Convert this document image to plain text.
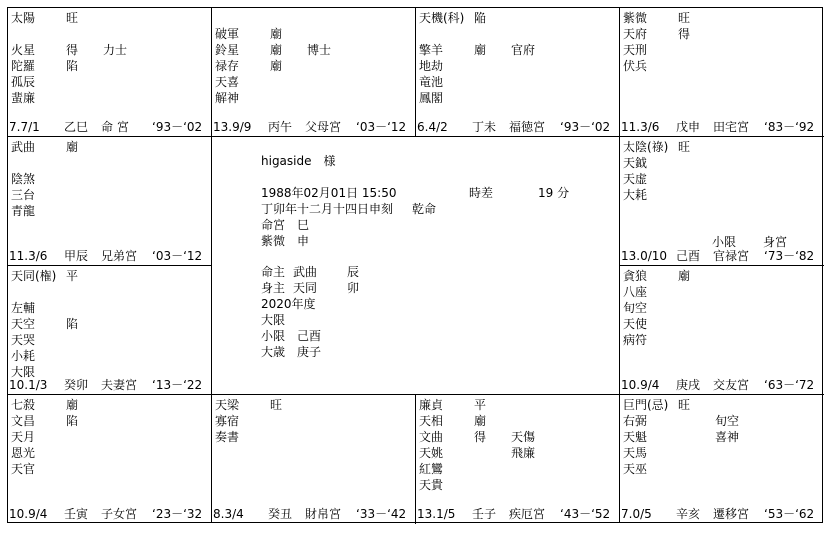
太陽	旺
火星	得 力士
陀羅	陷
孤辰
蜚廉
7.7/1 乙巳 命 宮 ‘93－‘02
破軍	廟
鈴星	廟 博士
禄存	廟
天喜
解神
13.9/9 丙午 父母宮 ‘03－‘12
天機(科) 陥
擎羊	廟 官府
地劫
竜池
鳳閣
6.4/2 丁未 福徳宮 ‘93－‘02
紫微	旺
天府	得
天刑
伏兵
11.3/6 戊申 田宅宮 ‘83－‘92
武曲	廟
陰煞
三台
青龍
11.3/6 甲辰 兄弟宮 ‘03－‘12
太陰(祿) 旺
天鉞
天虚
大耗
13.0/10 己酉 官禄宮 ‘73－‘82
天同(権) 平
左輔
天空	陷
天哭
小耗
大限
10.1/3 癸卯 夫妻宮 ‘13－‘22
貪狼	廟
八座
旬空
天使
病符
10.9/4 庚戌 交友宮 ‘63－‘72
七殺	廟
文昌	陷
天月
恩光
天官
10.9/4 壬寅 子女宮 ‘23－‘32
天梁	旺
寡宿
奏書
8.3/4 癸丑 財帛宮 ‘33－‘42
廉貞	平
天相	廟
文曲	得 天傷
天姚	飛廉
紅鸞
天貴
13.1/5 壬子 疾厄宮 ‘43－‘52
巨門(忌) 旺
右弼	旬空
天魁	喜神
天馬
天巫
7.0/5 辛亥 遷移宮 ‘53－‘62
小限 身宮
higaside　様
1988年02月01日 15:50	時差	19 分
丁卯年十二月十四日申刻 乾命
命宮　巳
紫微　申
命主 武曲 辰
身主 天同 卯
2020年度
大限
小限　己酉
大歳　庚子
